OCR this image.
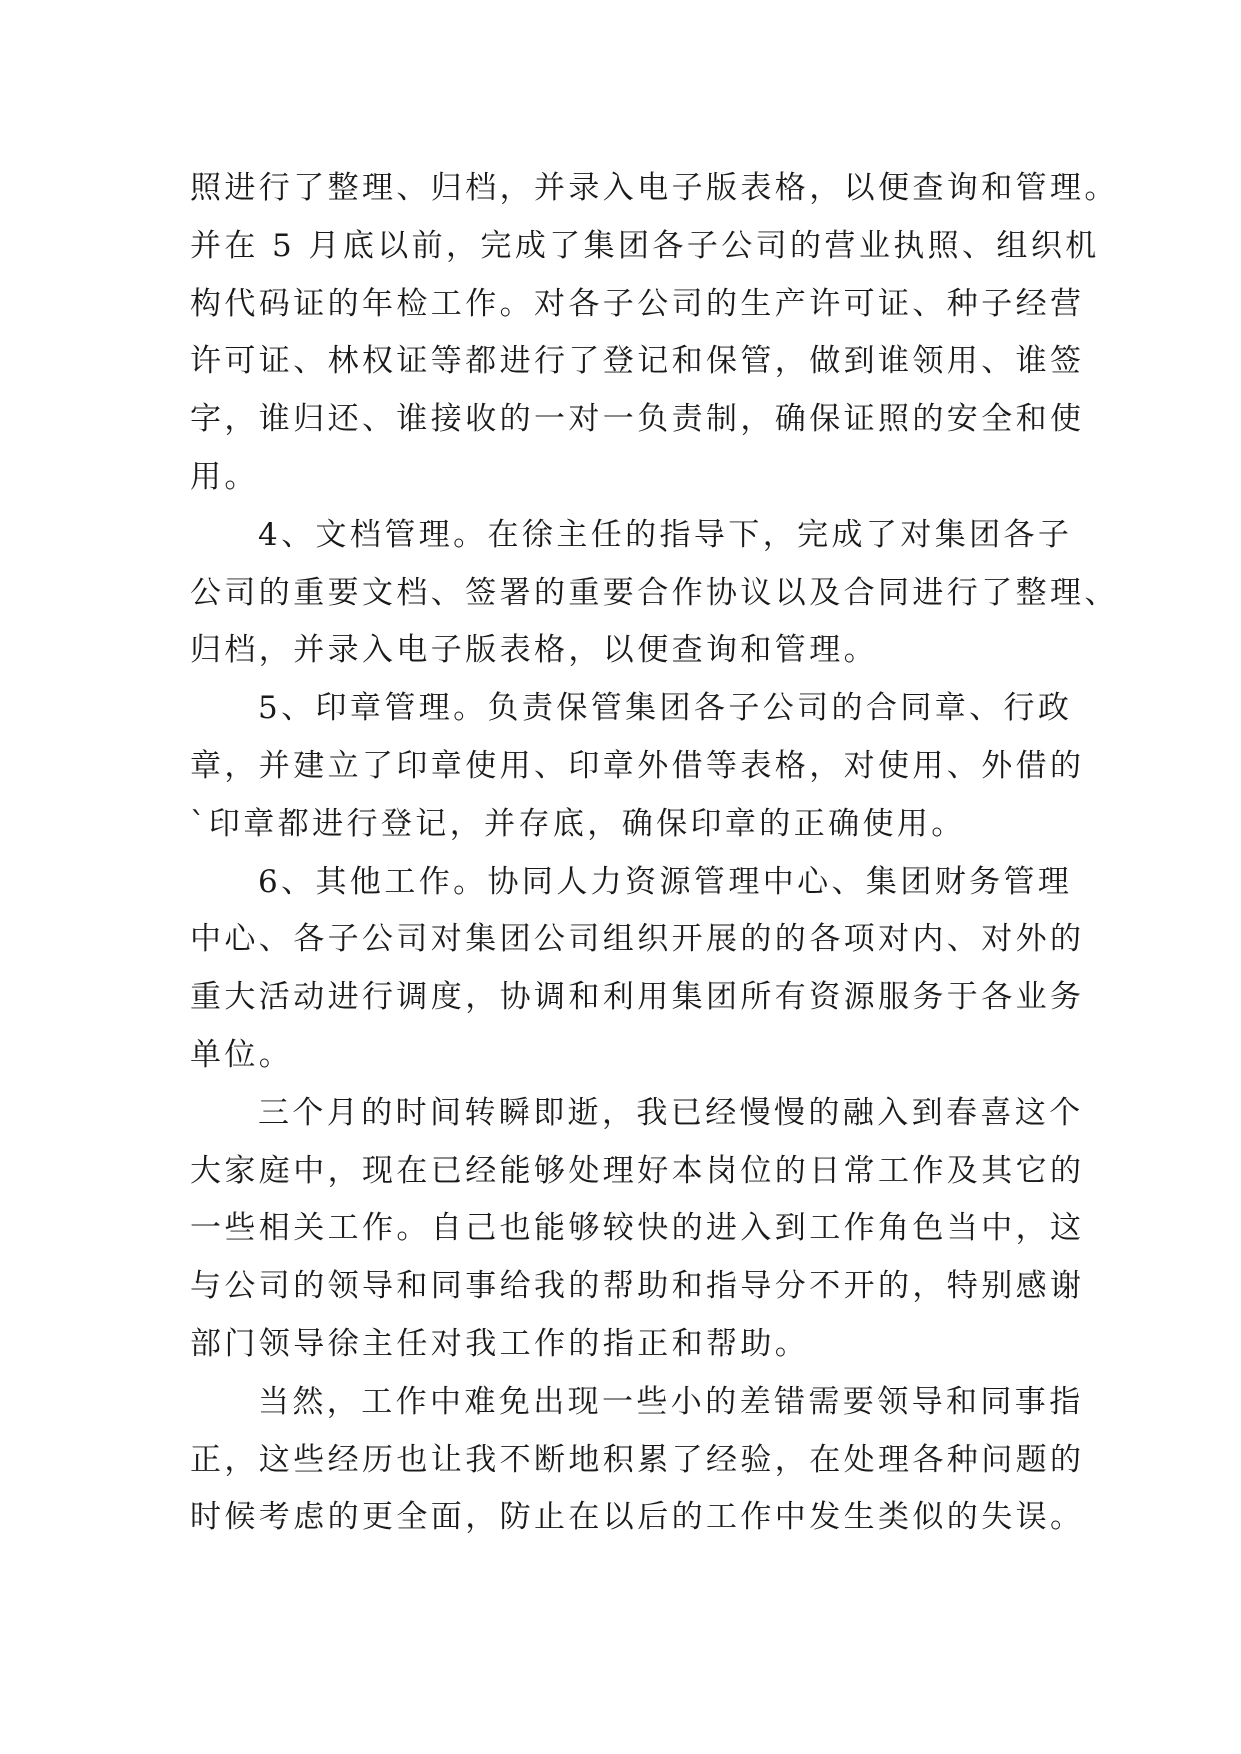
照进行了整理、归档，并录入电子版表格，以便查询和管理。
并在 5 月底以前，完成了集团各子公司的营业执照、组织机
构代码证的年检工作。对各子公司的生产许可证、种子经营
许可证、林权证等都进行了登记和保管，做到谁领用、谁签
字，谁归还、谁接收的一对一负责制，确保证照的安全和使
用。
4、文档管理。在徐主任的指导下，完成了对集团各子
公司的重要文档、签署的重要合作协议以及合同进行了整理、
归档，并录入电子版表格，以便查询和管理。
5、印章管理。负责保管集团各子公司的合同章、行政
章，并建立了印章使用、印章外借等表格，对使用、外借的
`印章都进行登记，并存底，确保印章的正确使用。
6、其他工作。协同人力资源管理中心、集团财务管理
中心、各子公司对集团公司组织开展的的各项对内、对外的
重大活动进行调度，协调和利用集团所有资源服务于各业务
单位。
三个月的时间转瞬即逝，我已经慢慢的融入到春喜这个
大家庭中，现在已经能够处理好本岗位的日常工作及其它的
一些相关工作。自己也能够较快的进入到工作角色当中，这
与公司的领导和同事给我的帮助和指导分不开的，特别感谢
部门领导徐主任对我工作的指正和帮助。
当然，工作中难免出现一些小的差错需要领导和同事指
正，这些经历也让我不断地积累了经验，在处理各种问题的
时候考虑的更全面，防止在以后的工作中发生类似的失误。
